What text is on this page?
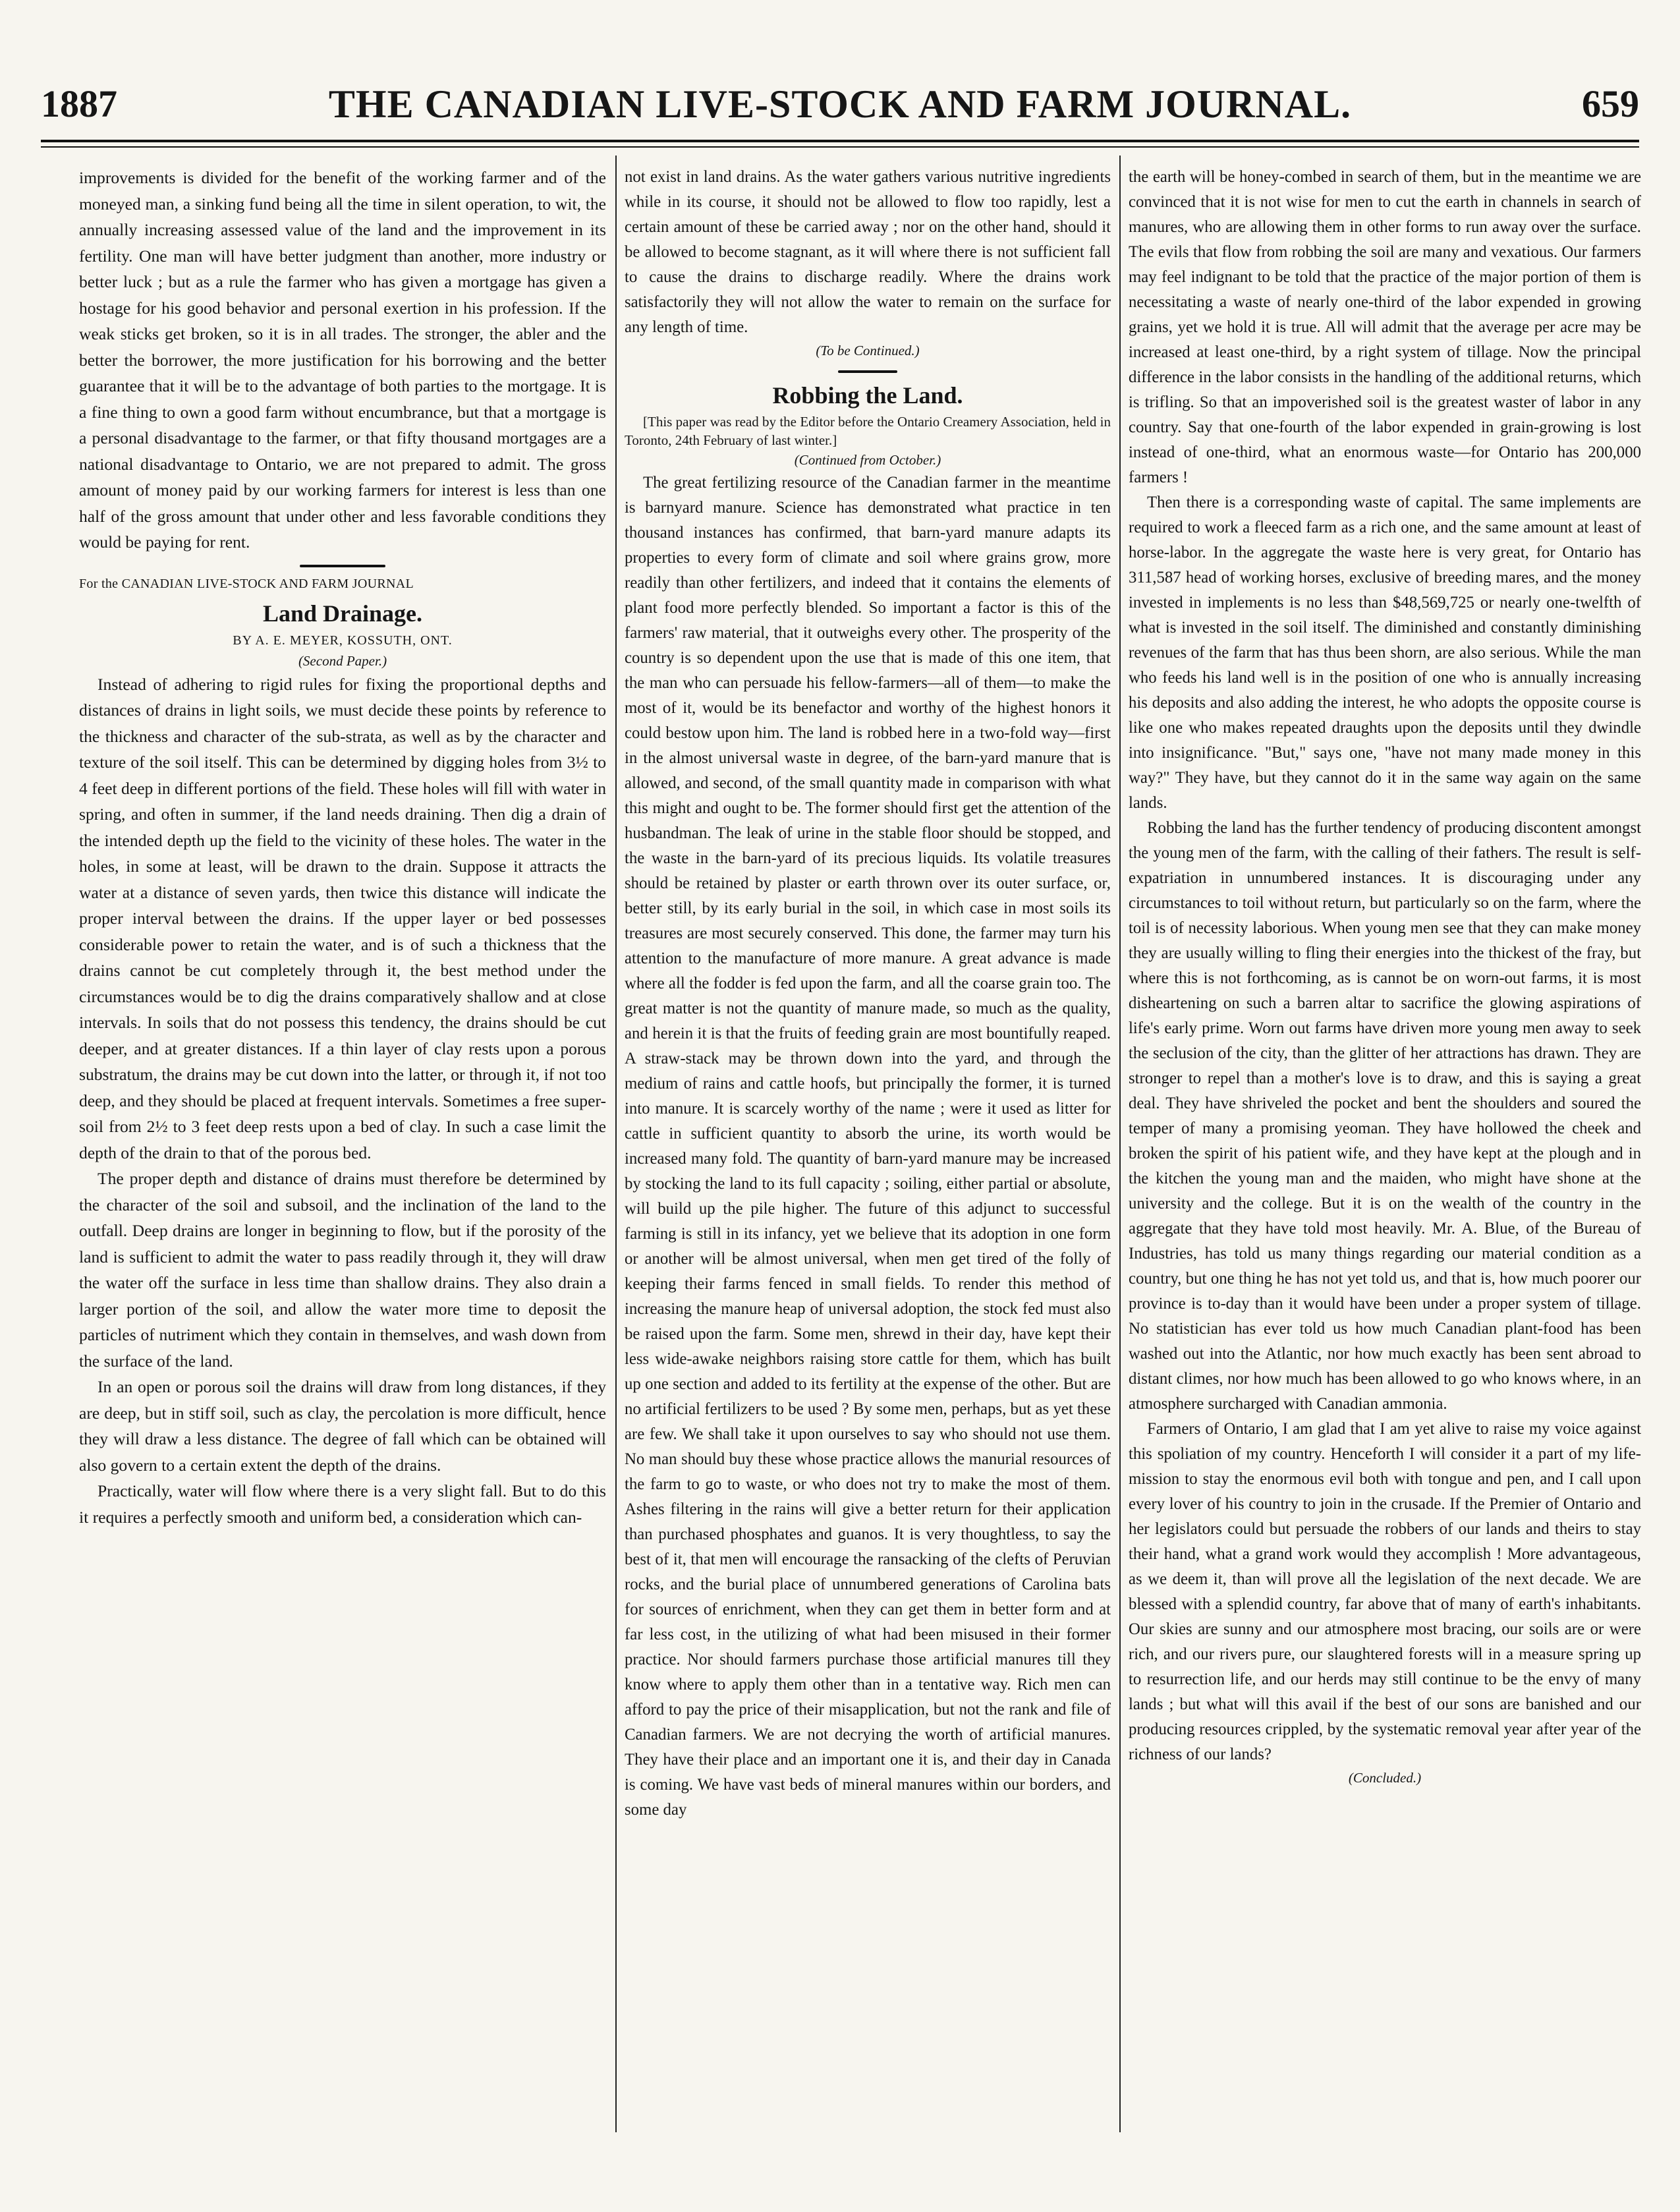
1887	THE CANADIAN LIVE-STOCK AND FARM JOURNAL.	659

improvements is divided for the benefit of the working farmer and of the moneyed man, a sinking fund being all the time in silent operation, to wit, the annually increasing assessed value of the land and the improvement in its fertility. One man will have better judgment than another, more industry or better luck ; but as a rule the farmer who has given a mortgage has given a hostage for his good behavior and personal exertion in his profession. If the weak sticks get broken, so it is in all trades. The stronger, the abler and the better the borrower, the more justification for his borrowing and the better guarantee that it will be to the advantage of both parties to the mortgage. It is a fine thing to own a good farm without encumbrance, but that a mortgage is a personal disadvantage to the farmer, or that fifty thousand mortgages are a national disadvantage to Ontario, we are not prepared to admit. The gross amount of money paid by our working farmers for interest is less than one half of the gross amount that under other and less favorable conditions they would be paying for rent.

For the CANADIAN LIVE-STOCK AND FARM JOURNAL
Land Drainage.
BY A. E. MEYER, KOSSUTH, ONT.
(Second Paper.)

Instead of adhering to rigid rules for fixing the proportional depths and distances of drains in light soils, we must decide these points by reference to the thickness and character of the sub-strata, as well as by the character and texture of the soil itself. This can be determined by digging holes from 3½ to 4 feet deep in different portions of the field. These holes will fill with water in spring, and often in summer, if the land needs draining. Then dig a drain of the intended depth up the field to the vicinity of these holes. The water in the holes, in some at least, will be drawn to the drain. Suppose it attracts the water at a distance of seven yards, then twice this distance will indicate the proper interval between the drains. If the upper layer or bed possesses considerable power to retain the water, and is of such a thickness that the drains cannot be cut completely through it, the best method under the circumstances would be to dig the drains comparatively shallow and at close intervals. In soils that do not possess this tendency, the drains should be cut deeper, and at greater distances. If a thin layer of clay rests upon a porous substratum, the drains may be cut down into the latter, or through it, if not too deep, and they should be placed at frequent intervals. Sometimes a free super-soil from 2½ to 3 feet deep rests upon a bed of clay. In such a case limit the depth of the drain to that of the porous bed.

The proper depth and distance of drains must therefore be determined by the character of the soil and subsoil, and the inclination of the land to the outfall. Deep drains are longer in beginning to flow, but if the porosity of the land is sufficient to admit the water to pass readily through it, they will draw the water off the surface in less time than shallow drains. They also drain a larger portion of the soil, and allow the water more time to deposit the particles of nutriment which they contain in themselves, and wash down from the surface of the land.

In an open or porous soil the drains will draw from long distances, if they are deep, but in stiff soil, such as clay, the percolation is more difficult, hence they will draw a less distance. The degree of fall which can be obtained will also govern to a certain extent the depth of the drains.

Practically, water will flow where there is a very slight fall. But to do this it requires a perfectly smooth and uniform bed, a consideration which can-

not exist in land drains. As the water gathers various nutritive ingredients while in its course, it should not be allowed to flow too rapidly, lest a certain amount of these be carried away ; nor on the other hand, should it be allowed to become stagnant, as it will where there is not sufficient fall to cause the drains to discharge readily. Where the drains work satisfactorily they will not allow the water to remain on the surface for any length of time.

(To be Continued.)
Robbing the Land.

[This paper was read by the Editor before the Ontario Creamery Association, held in Toronto, 24th February of last winter.]

(Continued from October.)

The great fertilizing resource of the Canadian farmer in the meantime is barnyard manure. Science has demonstrated what practice in ten thousand instances has confirmed, that barn-yard manure adapts its properties to every form of climate and soil where grains grow, more readily than other fertilizers, and indeed that it contains the elements of plant food more perfectly blended. So important a factor is this of the farmers' raw material, that it outweighs every other. The prosperity of the country is so dependent upon the use that is made of this one item, that the man who can persuade his fellow-farmers—all of them—to make the most of it, would be its benefactor and worthy of the highest honors it could bestow upon him. The land is robbed here in a two-fold way—first in the almost universal waste in degree, of the barn-yard manure that is allowed, and second, of the small quantity made in comparison with what this might and ought to be. The former should first get the attention of the husbandman. The leak of urine in the stable floor should be stopped, and the waste in the barn-yard of its precious liquids. Its volatile treasures should be retained by plaster or earth thrown over its outer surface, or, better still, by its early burial in the soil, in which case in most soils its treasures are most securely conserved. This done, the farmer may turn his attention to the manufacture of more manure. A great advance is made where all the fodder is fed upon the farm, and all the coarse grain too. The great matter is not the quantity of manure made, so much as the quality, and herein it is that the fruits of feeding grain are most bountifully reaped. A straw-stack may be thrown down into the yard, and through the medium of rains and cattle hoofs, but principally the former, it is turned into manure. It is scarcely worthy of the name ; were it used as litter for cattle in sufficient quantity to absorb the urine, its worth would be increased many fold. The quantity of barn-yard manure may be increased by stocking the land to its full capacity ; soiling, either partial or absolute, will build up the pile higher. The future of this adjunct to successful farming is still in its infancy, yet we believe that its adoption in one form or another will be almost universal, when men get tired of the folly of keeping their farms fenced in small fields. To render this method of increasing the manure heap of universal adoption, the stock fed must also be raised upon the farm. Some men, shrewd in their day, have kept their less wide-awake neighbors raising store cattle for them, which has built up one section and added to its fertility at the expense of the other. But are no artificial fertilizers to be used ? By some men, perhaps, but as yet these are few. We shall take it upon ourselves to say who should not use them. No man should buy these whose practice allows the manurial resources of the farm to go to waste, or who does not try to make the most of them. Ashes filtering in the rains will give a better return for their application than purchased phosphates and guanos. It is very thoughtless, to say the best of it, that men will encourage the ransacking of the clefts of Peruvian rocks, and the burial place of unnumbered generations of Carolina bats for sources of enrichment, when they can get them in better form and at far less cost, in the utilizing of what had been misused in their former practice. Nor should farmers purchase those artificial manures till they know where to apply them other than in a tentative way. Rich men can afford to pay the price of their misapplication, but not the rank and file of Canadian farmers. We are not decrying the worth of artificial manures. They have their place and an important one it is, and their day in Canada is coming. We have vast beds of mineral manures within our borders, and some day

the earth will be honey-combed in search of them, but in the meantime we are convinced that it is not wise for men to cut the earth in channels in search of manures, who are allowing them in other forms to run away over the surface. The evils that flow from robbing the soil are many and vexatious. Our farmers may feel indignant to be told that the practice of the major portion of them is necessitating a waste of nearly one-third of the labor expended in growing grains, yet we hold it is true. All will admit that the average per acre may be increased at least one-third, by a right system of tillage. Now the principal difference in the labor consists in the handling of the additional returns, which is trifling. So that an impoverished soil is the greatest waster of labor in any country. Say that one-fourth of the labor expended in grain-growing is lost instead of one-third, what an enormous waste—for Ontario has 200,000 farmers !

Then there is a corresponding waste of capital. The same implements are required to work a fleeced farm as a rich one, and the same amount at least of horse-labor. In the aggregate the waste here is very great, for Ontario has 311,587 head of working horses, exclusive of breeding mares, and the money invested in implements is no less than $48,569,725 or nearly one-twelfth of what is invested in the soil itself. The diminished and constantly diminishing revenues of the farm that has thus been shorn, are also serious. While the man who feeds his land well is in the position of one who is annually increasing his deposits and also adding the interest, he who adopts the opposite course is like one who makes repeated draughts upon the deposits until they dwindle into insignificance. "But," says one, "have not many made money in this way?" They have, but they cannot do it in the same way again on the same lands.

Robbing the land has the further tendency of producing discontent amongst the young men of the farm, with the calling of their fathers. The result is self-expatriation in unnumbered instances. It is discouraging under any circumstances to toil without return, but particularly so on the farm, where the toil is of necessity laborious. When young men see that they can make money they are usually willing to fling their energies into the thickest of the fray, but where this is not forthcoming, as is cannot be on worn-out farms, it is most disheartening on such a barren altar to sacrifice the glowing aspirations of life's early prime. Worn out farms have driven more young men away to seek the seclusion of the city, than the glitter of her attractions has drawn. They are stronger to repel than a mother's love is to draw, and this is saying a great deal. They have shriveled the pocket and bent the shoulders and soured the temper of many a promising yeoman. They have hollowed the cheek and broken the spirit of his patient wife, and they have kept at the plough and in the kitchen the young man and the maiden, who might have shone at the university and the college. But it is on the wealth of the country in the aggregate that they have told most heavily. Mr. A. Blue, of the Bureau of Industries, has told us many things regarding our material condition as a country, but one thing he has not yet told us, and that is, how much poorer our province is to-day than it would have been under a proper system of tillage. No statistician has ever told us how much Canadian plant-food has been washed out into the Atlantic, nor how much exactly has been sent abroad to distant climes, nor how much has been allowed to go who knows where, in an atmosphere surcharged with Canadian ammonia.

Farmers of Ontario, I am glad that I am yet alive to raise my voice against this spoliation of my country. Henceforth I will consider it a part of my life-mission to stay the enormous evil both with tongue and pen, and I call upon every lover of his country to join in the crusade. If the Premier of Ontario and her legislators could but persuade the robbers of our lands and theirs to stay their hand, what a grand work would they accomplish ! More advantageous, as we deem it, than will prove all the legislation of the next decade. We are blessed with a splendid country, far above that of many of earth's inhabitants. Our skies are sunny and our atmosphere most bracing, our soils are or were rich, and our rivers pure, our slaughtered forests will in a measure spring up to resurrection life, and our herds may still continue to be the envy of many lands ; but what will this avail if the best of our sons are banished and our producing resources crippled, by the systematic removal year after year of the richness of our lands?

(Concluded.)
